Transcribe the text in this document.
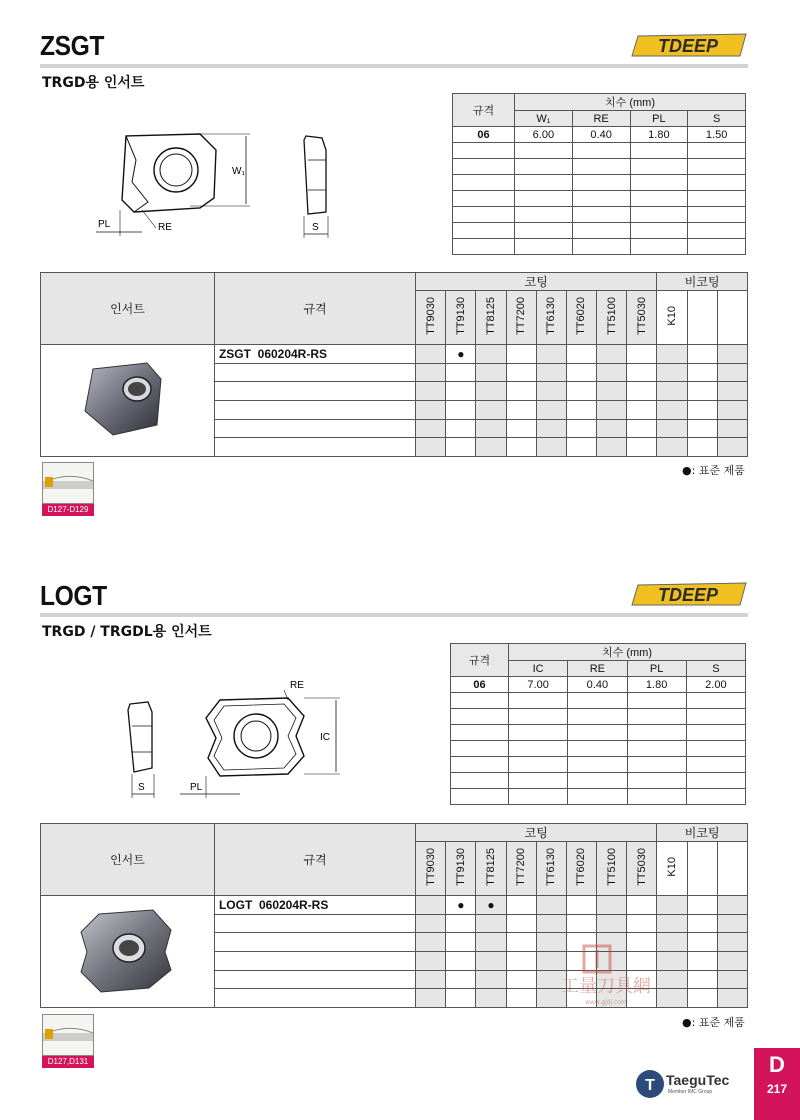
ZSGT
TRGD용 인서트
TDEEP
W₁
PL	RE	S
규격	치수 (mm)			
	W₁	RE	PL	S
06	6.00	0.40	1.80	1.50

인서트	규격	코팅								비코팅		
		TT9030	TT9130	TT8125	TT7200	TT6130	TT6020	TT5100	TT5030	K10		
	ZSGT 060204R-RS		●									

●: 표준 제품
D127-D129
LOGT
TRGD / TRGDL용 인서트
TDEEP
S
RE
IC
PL
규격	치수 (mm)			
	IC	RE	PL	S
06	7.00	0.40	1.80	2.00

인서트	규격	코팅								비코팅		
		TT9030	TT9130	TT8125	TT7200	TT6130	TT6020	TT5100	TT5030	K10		
	LOGT 060204R-RS		●	●								

●: 표준 제품
D127,D131
工量刀具網
www.gjdj.com
T TaeguTec
Member IMC Group
D
217
